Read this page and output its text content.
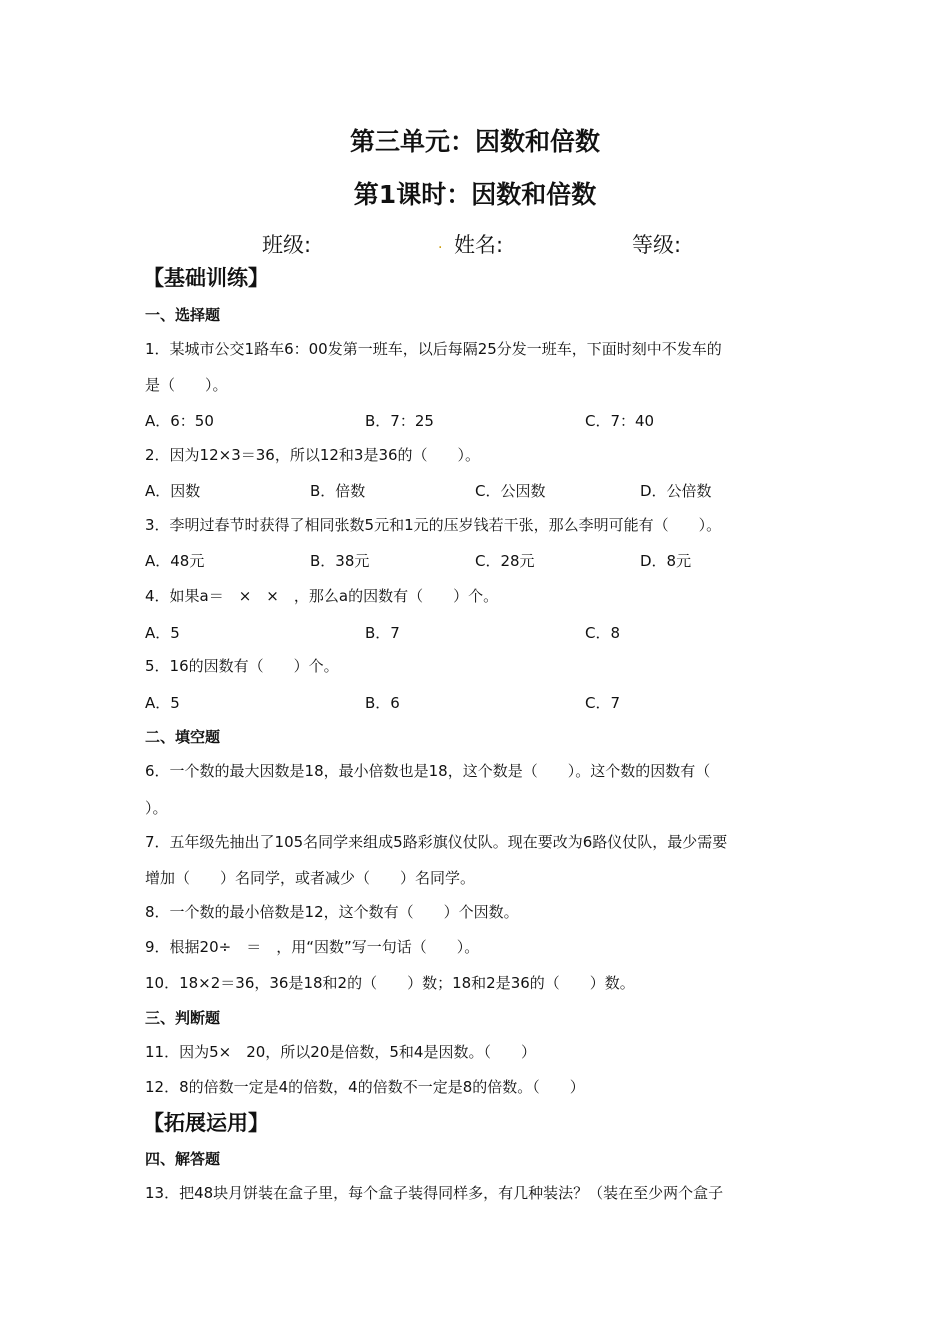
第三单元：因数和倍数
第1课时：因数和倍数
班级:	. 姓名:	等级:
【基础训练】
一、选择题
1．某城市公交1路车6：00发第一班车，以后每隔25分发一班车，下面时刻中不发车的
是（　　）。
A．6：50	B．7：25	C．7：40
2．因为12×3＝36，所以12和3是36的（　　）。
A．因数	B．倍数	C．公因数	D．公倍数
3．李明过春节时获得了相同张数5元和1元的压岁钱若干张，那么李明可能有（　　）。
A．48元	B．38元	C．28元	D．8元
4．如果a＝　×　×　，那么a的因数有（　　）个。
A．5	B．7	C．8
5．16的因数有（　　）个。
A．5	B．6	C．7
二、填空题
6．一个数的最大因数是18，最小倍数也是18，这个数是（　　）。这个数的因数有（
）。
7．五年级先抽出了105名同学来组成5路彩旗仪仗队。现在要改为6路仪仗队，最少需要
增加（　　）名同学，或者减少（　　）名同学。
8．一个数的最小倍数是12，这个数有（　　）个因数。
9．根据20÷　＝　，用“因数”写一句话（　　）。
10．18×2＝36，36是18和2的（　　）数；18和2是36的（　　）数。
三、判断题
11．因为5×　20，所以20是倍数，5和4是因数。（　　）
12．8的倍数一定是4的倍数，4的倍数不一定是8的倍数。（　　）
【拓展运用】
四、解答题
13．把48块月饼装在盒子里，每个盒子装得同样多，有几种装法？（装在至少两个盒子
